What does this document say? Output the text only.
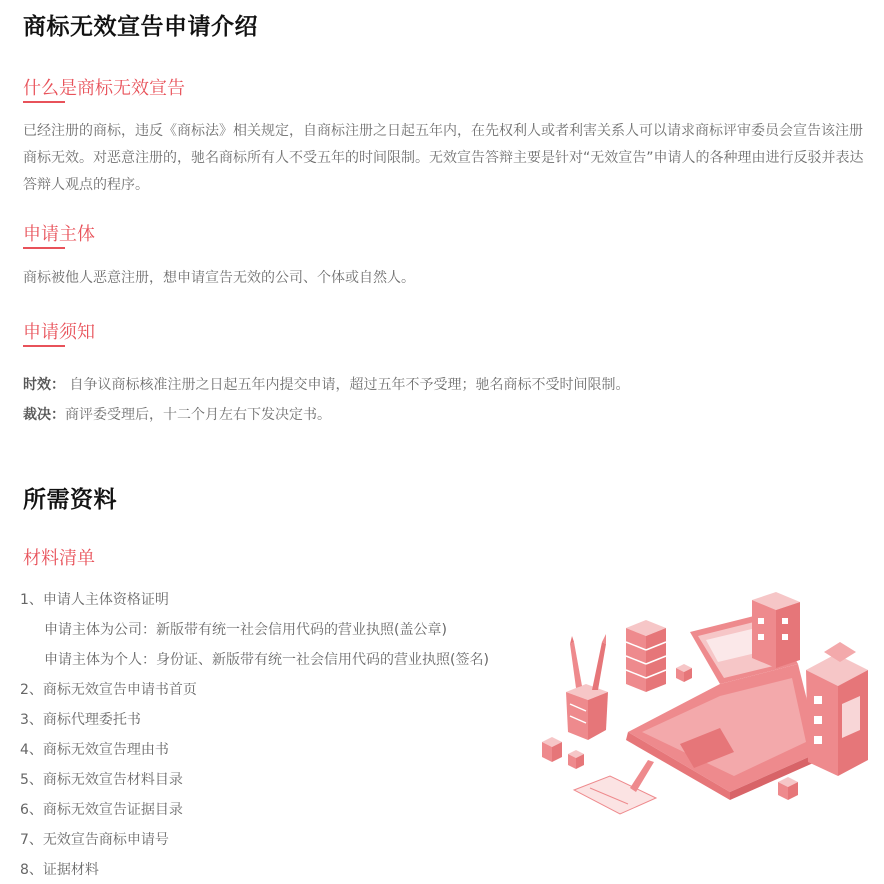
商标无效宣告申请介绍
什么是商标无效宣告
已经注册的商标，违反《商标法》相关规定，自商标注册之日起五年内，在先权利人或者利害关系人可以请求商标评审委员会宣告该注册商标无效。对恶意注册的，驰名商标所有人不受五年的时间限制。无效宣告答辩主要是针对“无效宣告”申请人的各种理由进行反驳并表达答辩人观点的程序。
申请主体
商标被他人恶意注册，想申请宣告无效的公司、个体或自然人。
申请须知
时效： 自争议商标核准注册之日起五年内提交申请，超过五年不予受理；驰名商标不受时间限制。
裁决：商评委受理后，十二个月左右下发决定书。
所需资料
材料清单
1、申请人主体资格证明
申请主体为公司：新版带有统一社会信用代码的营业执照(盖公章)
申请主体为个人：身份证、新版带有统一社会信用代码的营业执照(签名)
2、商标无效宣告申请书首页
3、商标代理委托书
4、商标无效宣告理由书
5、商标无效宣告材料目录
6、商标无效宣告证据目录
7、无效宣告商标申请号
8、证据材料
